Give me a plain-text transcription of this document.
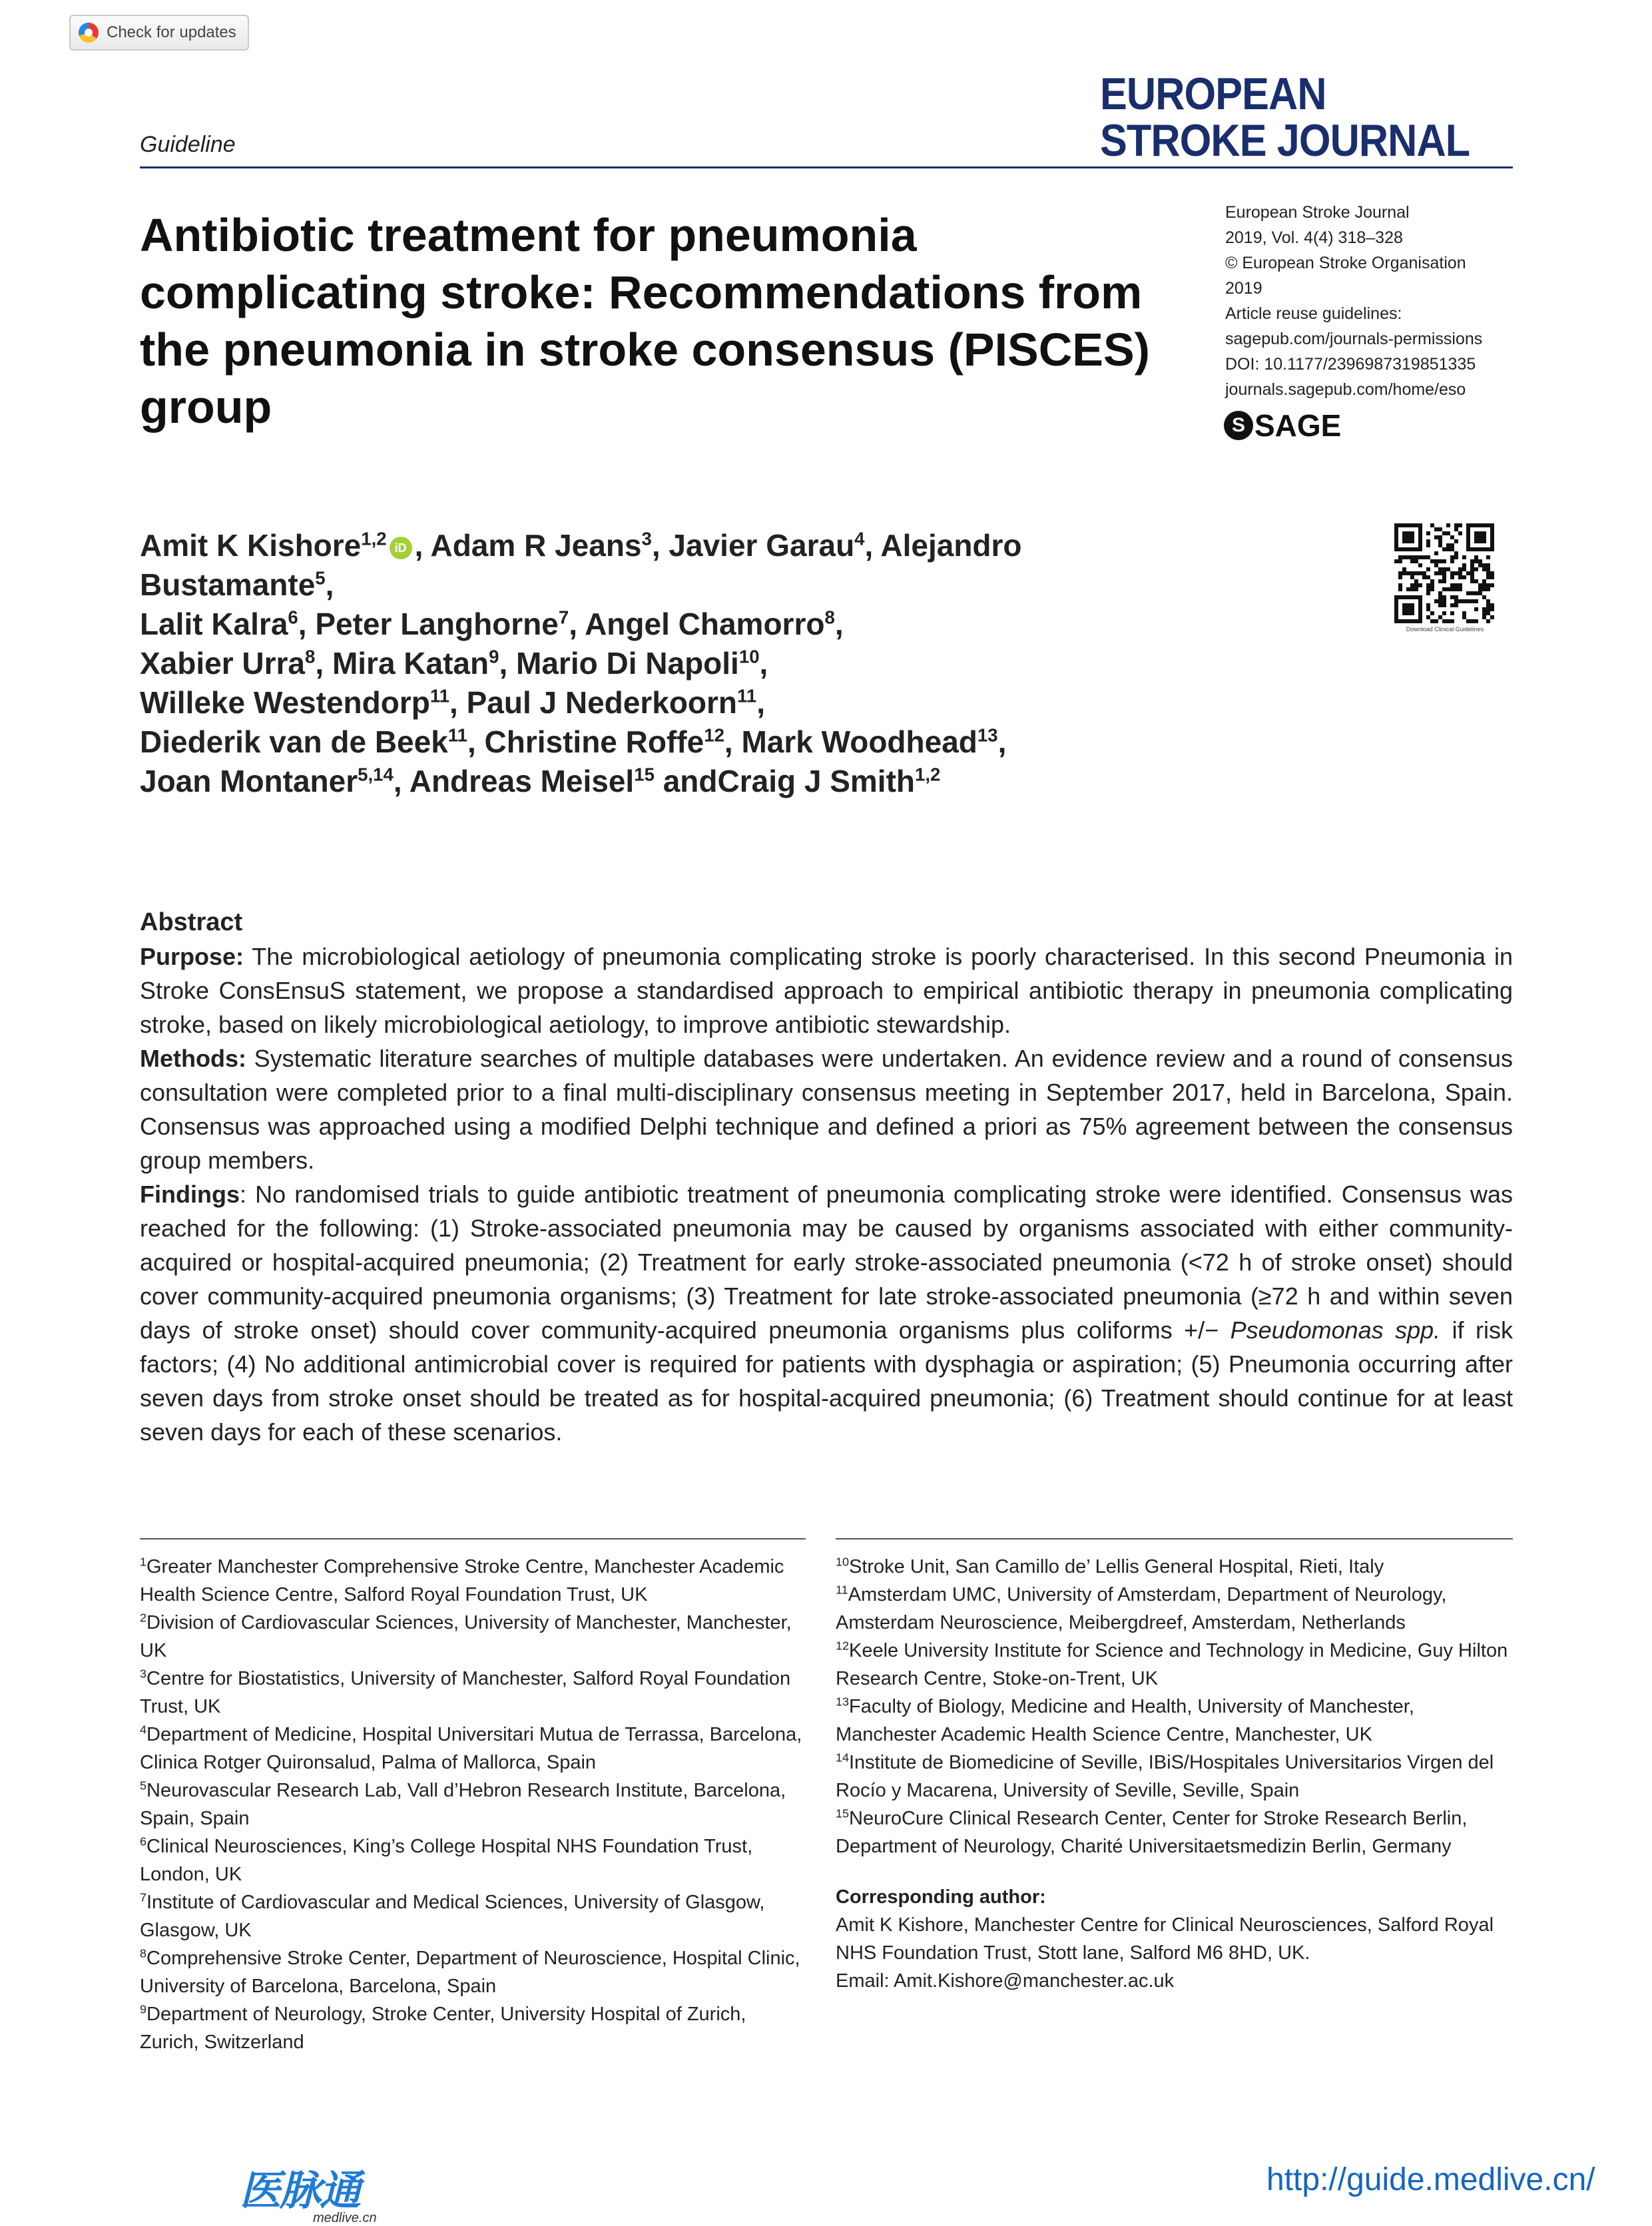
Check for updates
EUROPEAN
STROKE JOURNAL
Guideline
Antibiotic treatment for pneumonia complicating stroke: Recommendations from the pneumonia in stroke consensus (PISCES) group
European Stroke Journal
2019, Vol. 4(4) 318–328
© European Stroke Organisation
2019
Article reuse guidelines:
sagepub.com/journals-permissions
DOI: 10.1177/2396987319851335
journals.sagepub.com/home/eso
S SAGE
Amit K Kishore$^{1,2}$ iD , Adam R Jeans$^3$, Javier Garau$^4$, Alejandro Bustamante$^5$,
Lalit Kalra$^6$, Peter Langhorne$^7$, Angel Chamorro$^8$,
Xabier Urra$^8$, Mira Katan$^9$, Mario Di Napoli$^{10}$,
Willeke Westendorp$^{11}$, Paul J Nederkoorn$^{11}$,
Diederik van de Beek$^{11}$, Christine Roffe$^{12}$, Mark Woodhead$^{13}$,
Joan Montaner$^{5,14}$, Andreas Meisel$^{15}$ andCraig J Smith$^{1,2}$
Download Clinical Guidelines
Abstract

Purpose: The microbiological aetiology of pneumonia complicating stroke is poorly characterised. In this second Pneumonia in Stroke ConsEnsuS statement, we propose a standardised approach to empirical antibiotic therapy in pneumonia complicating stroke, based on likely microbiological aetiology, to improve antibiotic stewardship.

Methods: Systematic literature searches of multiple databases were undertaken. An evidence review and a round of consensus consultation were completed prior to a final multi-disciplinary consensus meeting in September 2017, held in Barcelona, Spain. Consensus was approached using a modified Delphi technique and defined a priori as 75% agreement between the consensus group members.

Findings: No randomised trials to guide antibiotic treatment of pneumonia complicating stroke were identified. Consensus was reached for the following: (1) Stroke-associated pneumonia may be caused by organisms associated with either community-acquired or hospital-acquired pneumonia; (2) Treatment for early stroke-associated pneumonia (<72 h of stroke onset) should cover community-acquired pneumonia organisms; (3) Treatment for late stroke-associated pneumonia (≥72 h and within seven days of stroke onset) should cover community-acquired pneumonia organisms plus coliforms +/− Pseudomonas spp. if risk factors; (4) No additional antimicrobial cover is required for patients with dysphagia or aspiration; (5) Pneumonia occurring after seven days from stroke onset should be treated as for hospital-acquired pneumonia; (6) Treatment should continue for at least seven days for each of these scenarios.

$^1$Greater Manchester Comprehensive Stroke Centre, Manchester Academic Health Science Centre, Salford Royal Foundation Trust, UK
$^2$Division of Cardiovascular Sciences, University of Manchester, Manchester, UK
$^3$Centre for Biostatistics, University of Manchester, Salford Royal Foundation Trust, UK
$^4$Department of Medicine, Hospital Universitari Mutua de Terrassa, Barcelona, Clinica Rotger Quironsalud, Palma of Mallorca, Spain
$^5$Neurovascular Research Lab, Vall d’Hebron Research Institute, Barcelona, Spain, Spain
$^6$Clinical Neurosciences, King’s College Hospital NHS Foundation Trust, London, UK
$^7$Institute of Cardiovascular and Medical Sciences, University of Glasgow, Glasgow, UK
$^8$Comprehensive Stroke Center, Department of Neuroscience, Hospital Clinic, University of Barcelona, Barcelona, Spain
$^9$Department of Neurology, Stroke Center, University Hospital of Zurich, Zurich, Switzerland
$^{10}$Stroke Unit, San Camillo de’ Lellis General Hospital, Rieti, Italy
$^{11}$Amsterdam UMC, University of Amsterdam, Department of Neurology, Amsterdam Neuroscience, Meibergdreef, Amsterdam, Netherlands
$^{12}$Keele University Institute for Science and Technology in Medicine, Guy Hilton Research Centre, Stoke-on-Trent, UK
$^{13}$Faculty of Biology, Medicine and Health, University of Manchester, Manchester Academic Health Science Centre, Manchester, UK
$^{14}$Institute de Biomedicine of Seville, IBiS/Hospitales Universitarios Virgen del Rocío y Macarena, University of Seville, Seville, Spain
$^{15}$NeuroCure Clinical Research Center, Center for Stroke Research Berlin, Department of Neurology, Charité Universitaetsmedizin Berlin, Germany
Corresponding author:
Amit K Kishore, Manchester Centre for Clinical Neurosciences, Salford Royal NHS Foundation Trust, Stott lane, Salford M6 8HD, UK.
Email: Amit.Kishore@manchester.ac.uk
医脉通
medlive.cn
http://guide.medlive.cn/
